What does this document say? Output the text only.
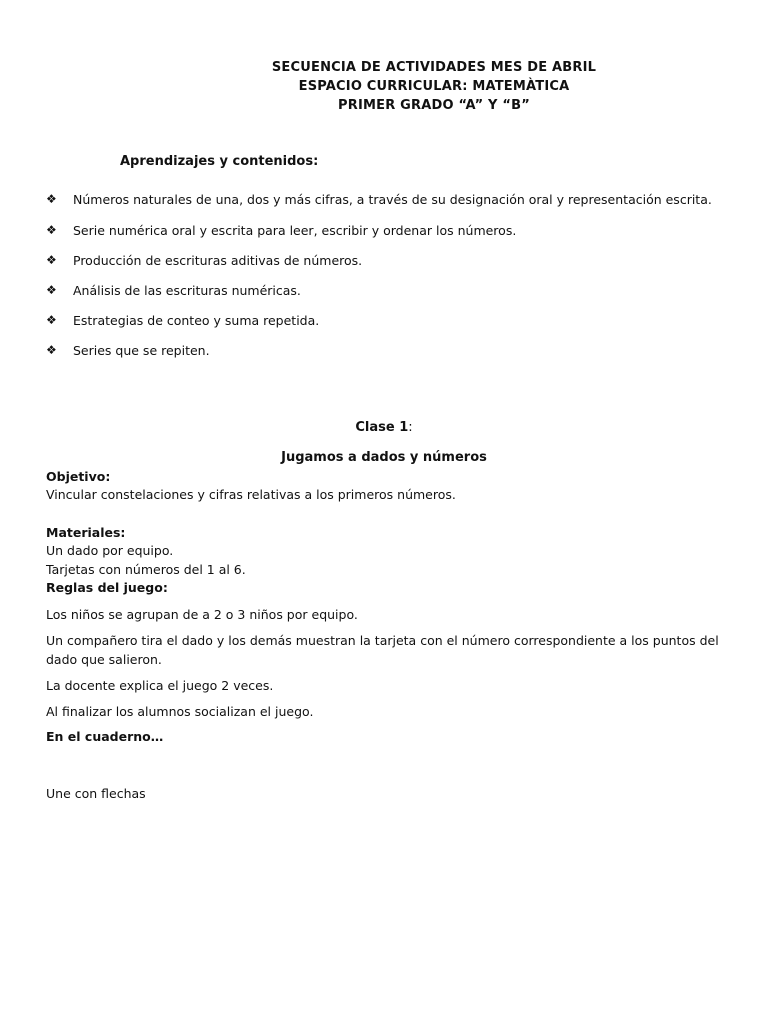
SECUENCIA DE ACTIVIDADES MES DE ABRIL
ESPACIO CURRICULAR: MATEMÀTICA
PRIMER GRADO “A” Y “B”
Aprendizajes y contenidos:
❖ Números naturales de una, dos y más cifras, a través de su designación oral y representación escrita.
❖ Serie numérica oral y escrita para leer, escribir y ordenar los números.
❖ Producción de escrituras aditivas de números.
❖ Análisis de las escrituras numéricas.
❖ Estrategias de conteo y suma repetida.
❖ Series que se repiten.
Clase 1:
Jugamos a dados y números
Objetivo:
Vincular constelaciones y cifras relativas a los primeros números.
Materiales:
Un dado por equipo.
Tarjetas con números del 1 al 6.
Reglas del juego:
Los niños se agrupan de a 2 o 3 niños por equipo.
Un compañero tira el dado y los demás muestran la tarjeta con el número correspondiente a los puntos del dado que salieron.
La docente explica el juego 2 veces.
Al finalizar los alumnos socializan el juego.
En el cuaderno…
Une con flechas
